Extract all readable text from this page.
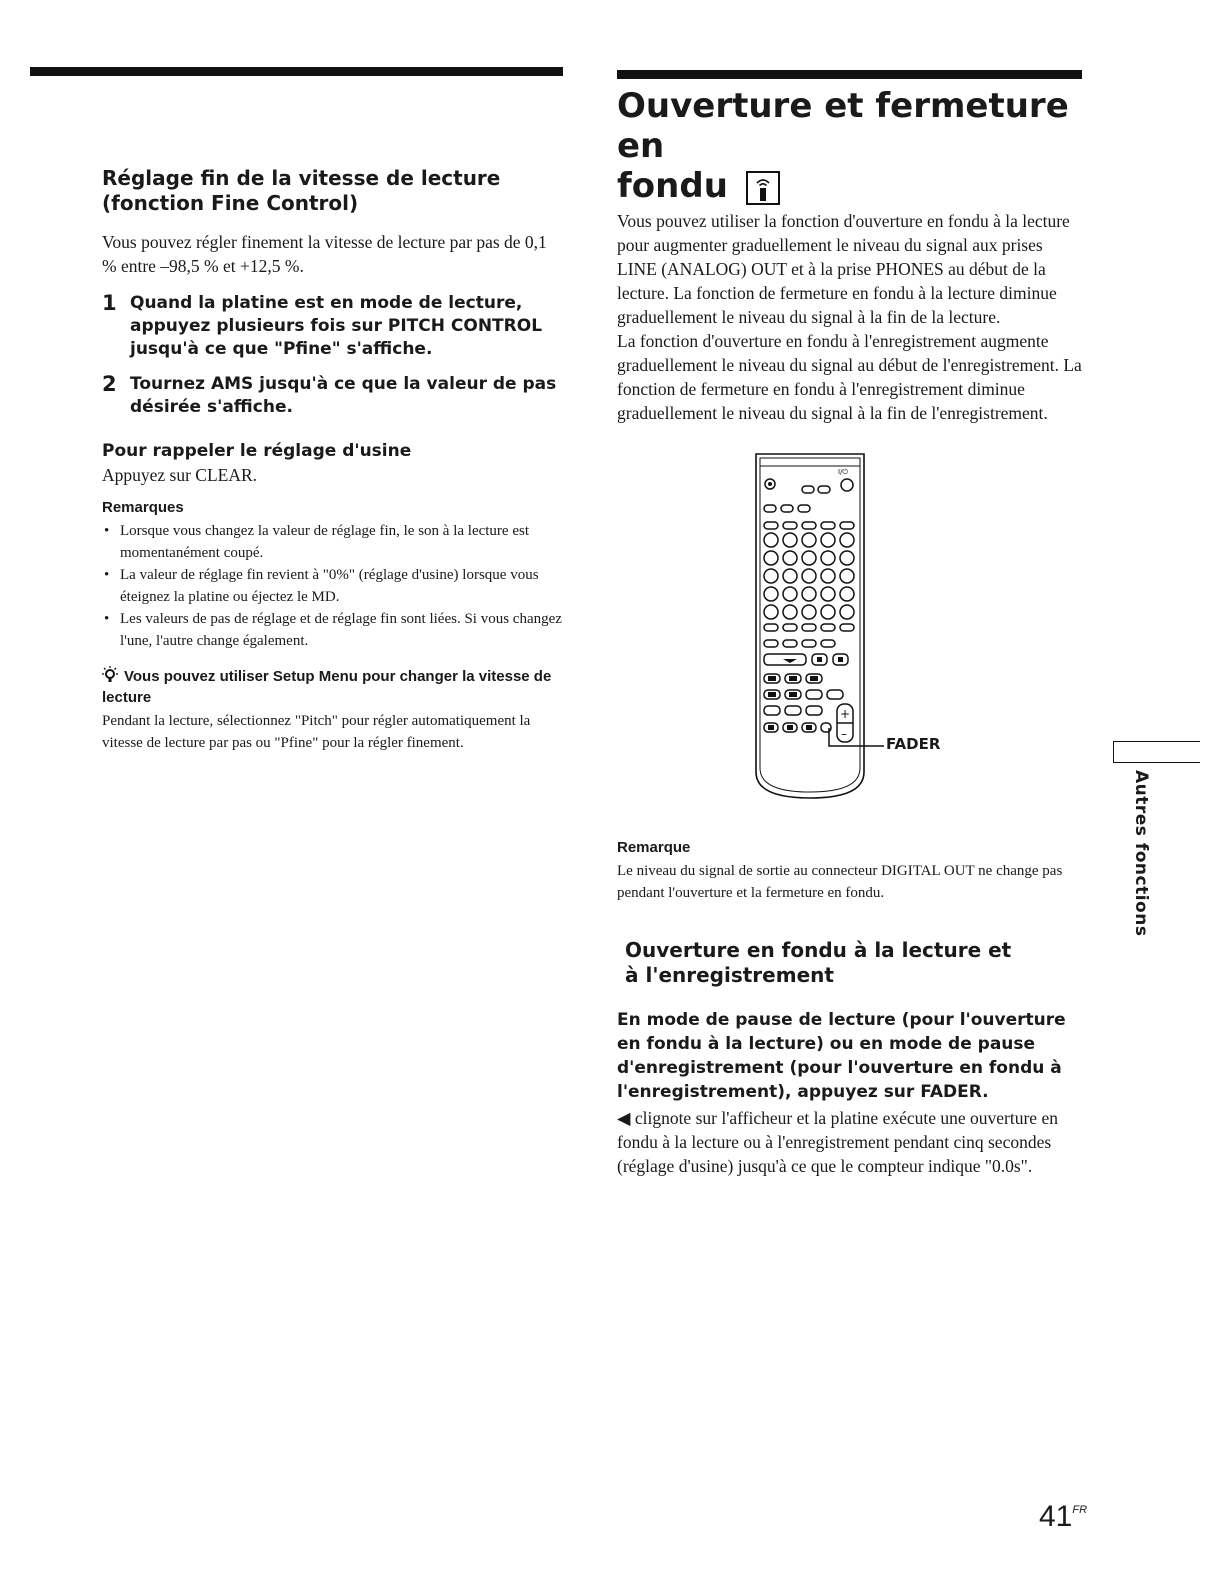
Réglage fin de la vitesse de lecture
(fonction Fine Control)

Vous pouvez régler finement la vitesse de lecture par pas de 0,1 % entre –98,5 % et +12,5 %.

1 Quand la platine est en mode de lecture, appuyez plusieurs fois sur PITCH CONTROL jusqu'à ce que "Pfine" s'affiche.
2 Tournez AMS jusqu'à ce que la valeur de pas désirée s'affiche.
Pour rappeler le réglage d'usine

Appuyez sur CLEAR.

Remarques

• Lorsque vous changez la valeur de réglage fin, le son à la lecture est momentanément coupé.
• La valeur de réglage fin revient à "0%" (réglage d'usine) lorsque vous éteignez la platine ou éjectez le MD.
• Les valeurs de pas de réglage et de réglage fin sont liées. Si vous changez l'une, l'autre change également.

Vous pouvez utiliser Setup Menu pour changer la vitesse de lecture

Pendant la lecture, sélectionnez "Pitch" pour régler automatiquement la vitesse de lecture par pas ou "Pfine" pour la régler finement.

Ouverture et fermeture en
fondu

Vous pouvez utiliser la fonction d'ouverture en fondu à la lecture pour augmenter graduellement le niveau du signal aux prises LINE (ANALOG) OUT et à la prise PHONES au début de la lecture. La fonction de fermeture en fondu à la lecture diminue graduellement le niveau du signal à la fin de la lecture.

La fonction d'ouverture en fondu à l'enregistrement augmente graduellement le niveau du signal au début de l'enregistrement. La fonction de fermeture en fondu à l'enregistrement diminue graduellement le niveau du signal à la fin de l'enregistrement.

I/⏻
+
–
FADER

Remarque

Le niveau du signal de sortie au connecteur DIGITAL OUT ne change pas pendant l'ouverture et la fermeture en fondu.

Ouverture en fondu à la lecture et à l'enregistrement

En mode de pause de lecture (pour l'ouverture en fondu à la lecture) ou en mode de pause d'enregistrement (pour l'ouverture en fondu à l'enregistrement), appuyez sur FADER.

◀ clignote sur l'afficheur et la platine exécute une ouverture en fondu à la lecture ou à l'enregistrement pendant cinq secondes (réglage d'usine) jusqu'à ce que le compteur indique "0.0s".

Autres fonctions
$41^{FR}$
